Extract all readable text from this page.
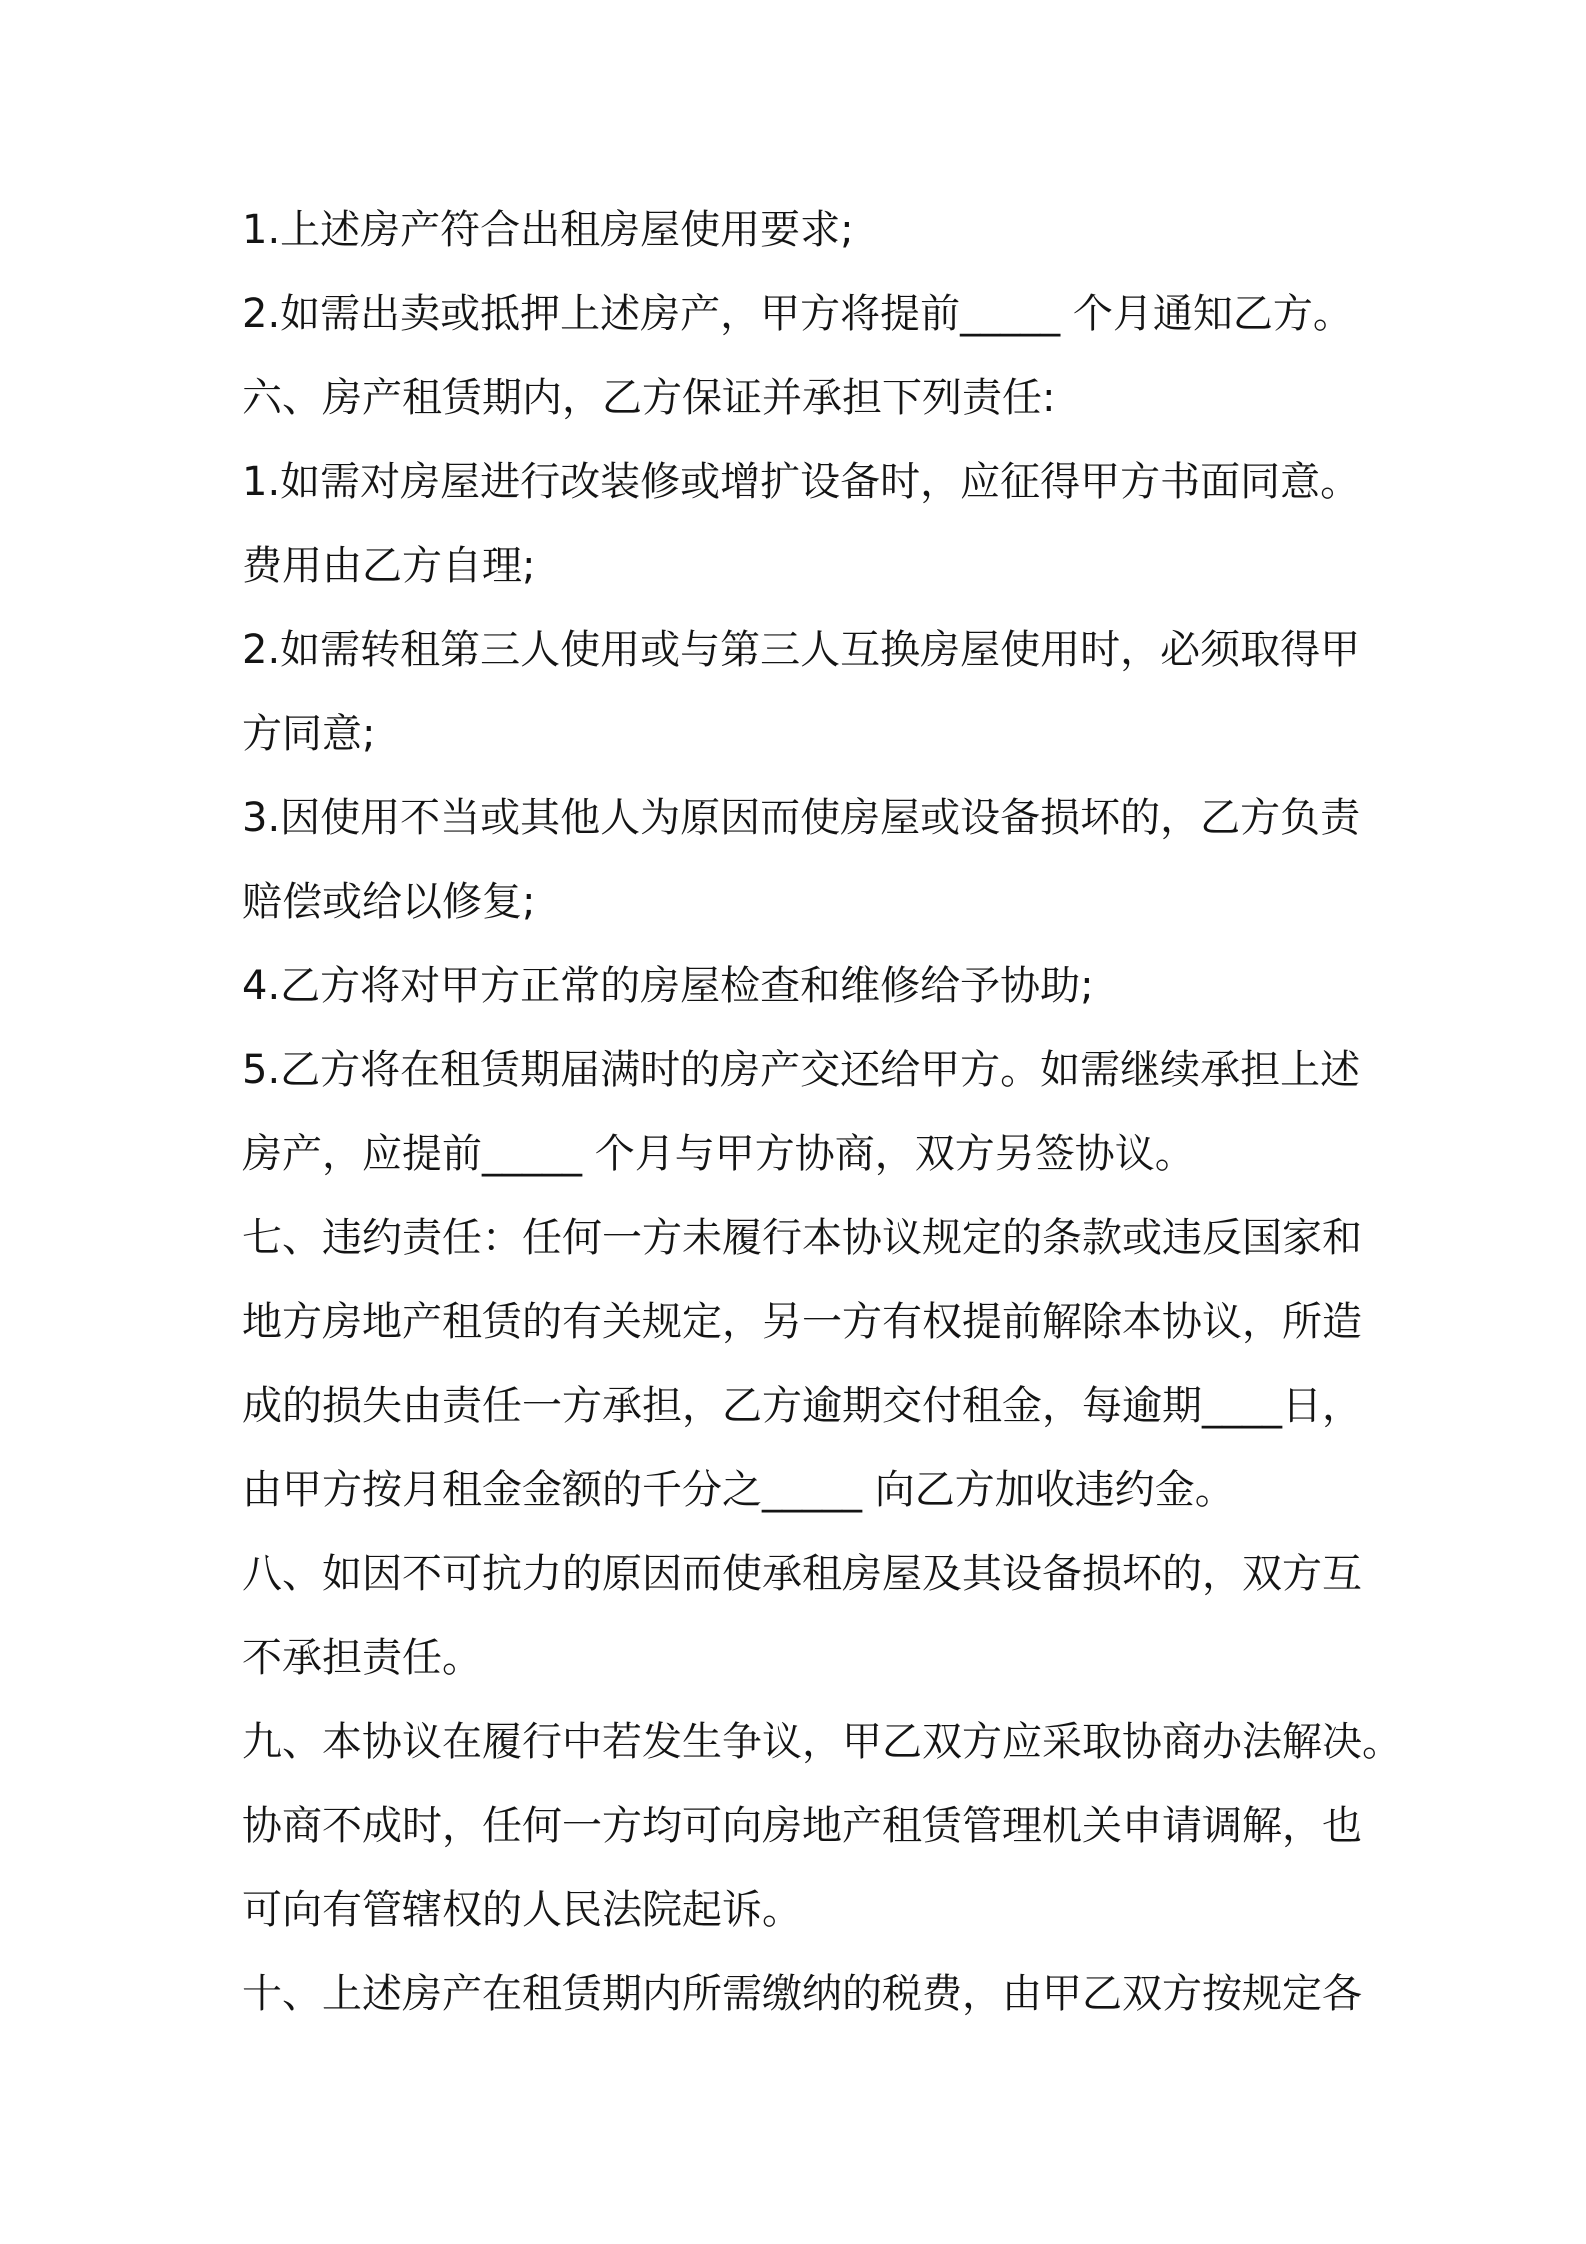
1.上述房产符合出租房屋使用要求;
2.如需出卖或抵押上述房产，甲方将提前_____ 个月通知乙方。
六、房产租赁期内，乙方保证并承担下列责任:
1.如需对房屋进行改装修或增扩设备时，应征得甲方书面同意。
费用由乙方自理;
2.如需转租第三人使用或与第三人互换房屋使用时，必须取得甲
方同意;
3.因使用不当或其他人为原因而使房屋或设备损坏的，乙方负责
赔偿或给以修复;
4.乙方将对甲方正常的房屋检查和维修给予协助;
5.乙方将在租赁期届满时的房产交还给甲方。如需继续承担上述
房产，应提前_____ 个月与甲方协商，双方另签协议。
七、违约责任：任何一方未履行本协议规定的条款或违反国家和
地方房地产租赁的有关规定，另一方有权提前解除本协议，所造
成的损失由责任一方承担，乙方逾期交付租金，每逾期____日，
由甲方按月租金金额的千分之_____ 向乙方加收违约金。
八、如因不可抗力的原因而使承租房屋及其设备损坏的，双方互
不承担责任。
九、本协议在履行中若发生争议，甲乙双方应采取协商办法解决。
协商不成时，任何一方均可向房地产租赁管理机关申请调解，也
可向有管辖权的人民法院起诉。
十、上述房产在租赁期内所需缴纳的税费，由甲乙双方按规定各
